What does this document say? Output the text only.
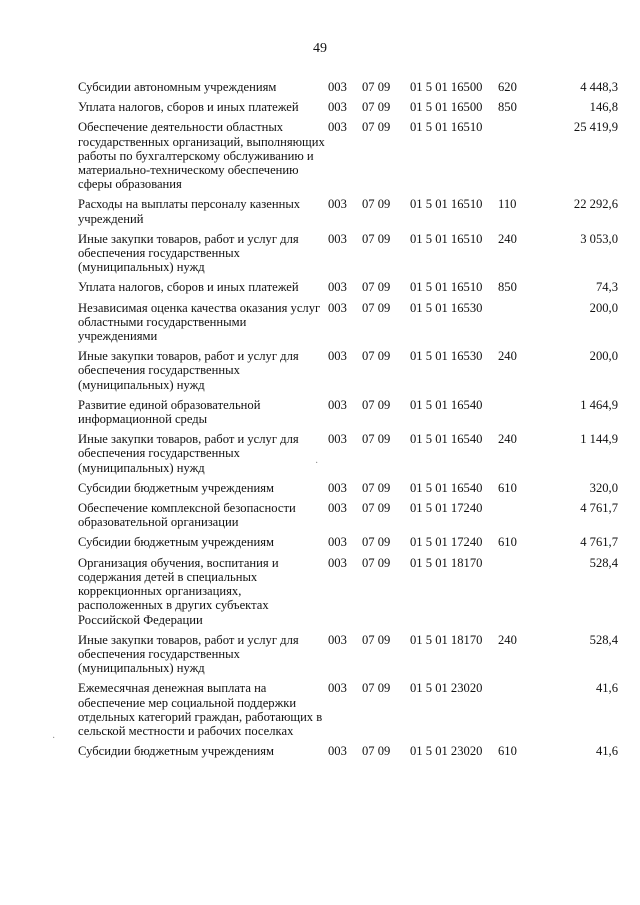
49
·
·
Субсидии автономным учреждениям	003	07 09	01 5 01 16500	620	4 448,3
Уплата налогов, сборов и иных платежей	003	07 09	01 5 01 16500	850	146,8
Обеспечение деятельности областных государственных организаций, выполняющих работы по бухгалтерскому обслуживанию и материально-техническому обеспечению сферы образования	003	07 09	01 5 01 16510		25 419,9
Расходы на выплаты персоналу казенных учреждений	003	07 09	01 5 01 16510	110	22 292,6
Иные закупки товаров, работ и услуг для обеспечения государственных (муниципальных) нужд	003	07 09	01 5 01 16510	240	3 053,0
Уплата налогов, сборов и иных платежей	003	07 09	01 5 01 16510	850	74,3
Независимая оценка качества оказания услуг областными государственными учреждениями	003	07 09	01 5 01 16530		200,0
Иные закупки товаров, работ и услуг для обеспечения государственных (муниципальных) нужд	003	07 09	01 5 01 16530	240	200,0
Развитие единой образовательной информационной среды	003	07 09	01 5 01 16540		1 464,9
Иные закупки товаров, работ и услуг для обеспечения государственных (муниципальных) нужд	003	07 09	01 5 01 16540	240	1 144,9
Субсидии бюджетным учреждениям	003	07 09	01 5 01 16540	610	320,0
Обеспечение комплексной безопасности образовательной организации	003	07 09	01 5 01 17240		4 761,7
Субсидии бюджетным учреждениям	003	07 09	01 5 01 17240	610	4 761,7
Организация обучения, воспитания и содержания детей в специальных коррекционных организациях, расположенных в других субъектах Российской Федерации	003	07 09	01 5 01 18170		528,4
Иные закупки товаров, работ и услуг для обеспечения государственных (муниципальных) нужд	003	07 09	01 5 01 18170	240	528,4
Ежемесячная денежная выплата на обеспечение мер социальной поддержки отдельных категорий граждан, работающих в сельской местности и рабочих поселках	003	07 09	01 5 01 23020		41,6
Субсидии бюджетным учреждениям	003	07 09	01 5 01 23020	610	41,6
